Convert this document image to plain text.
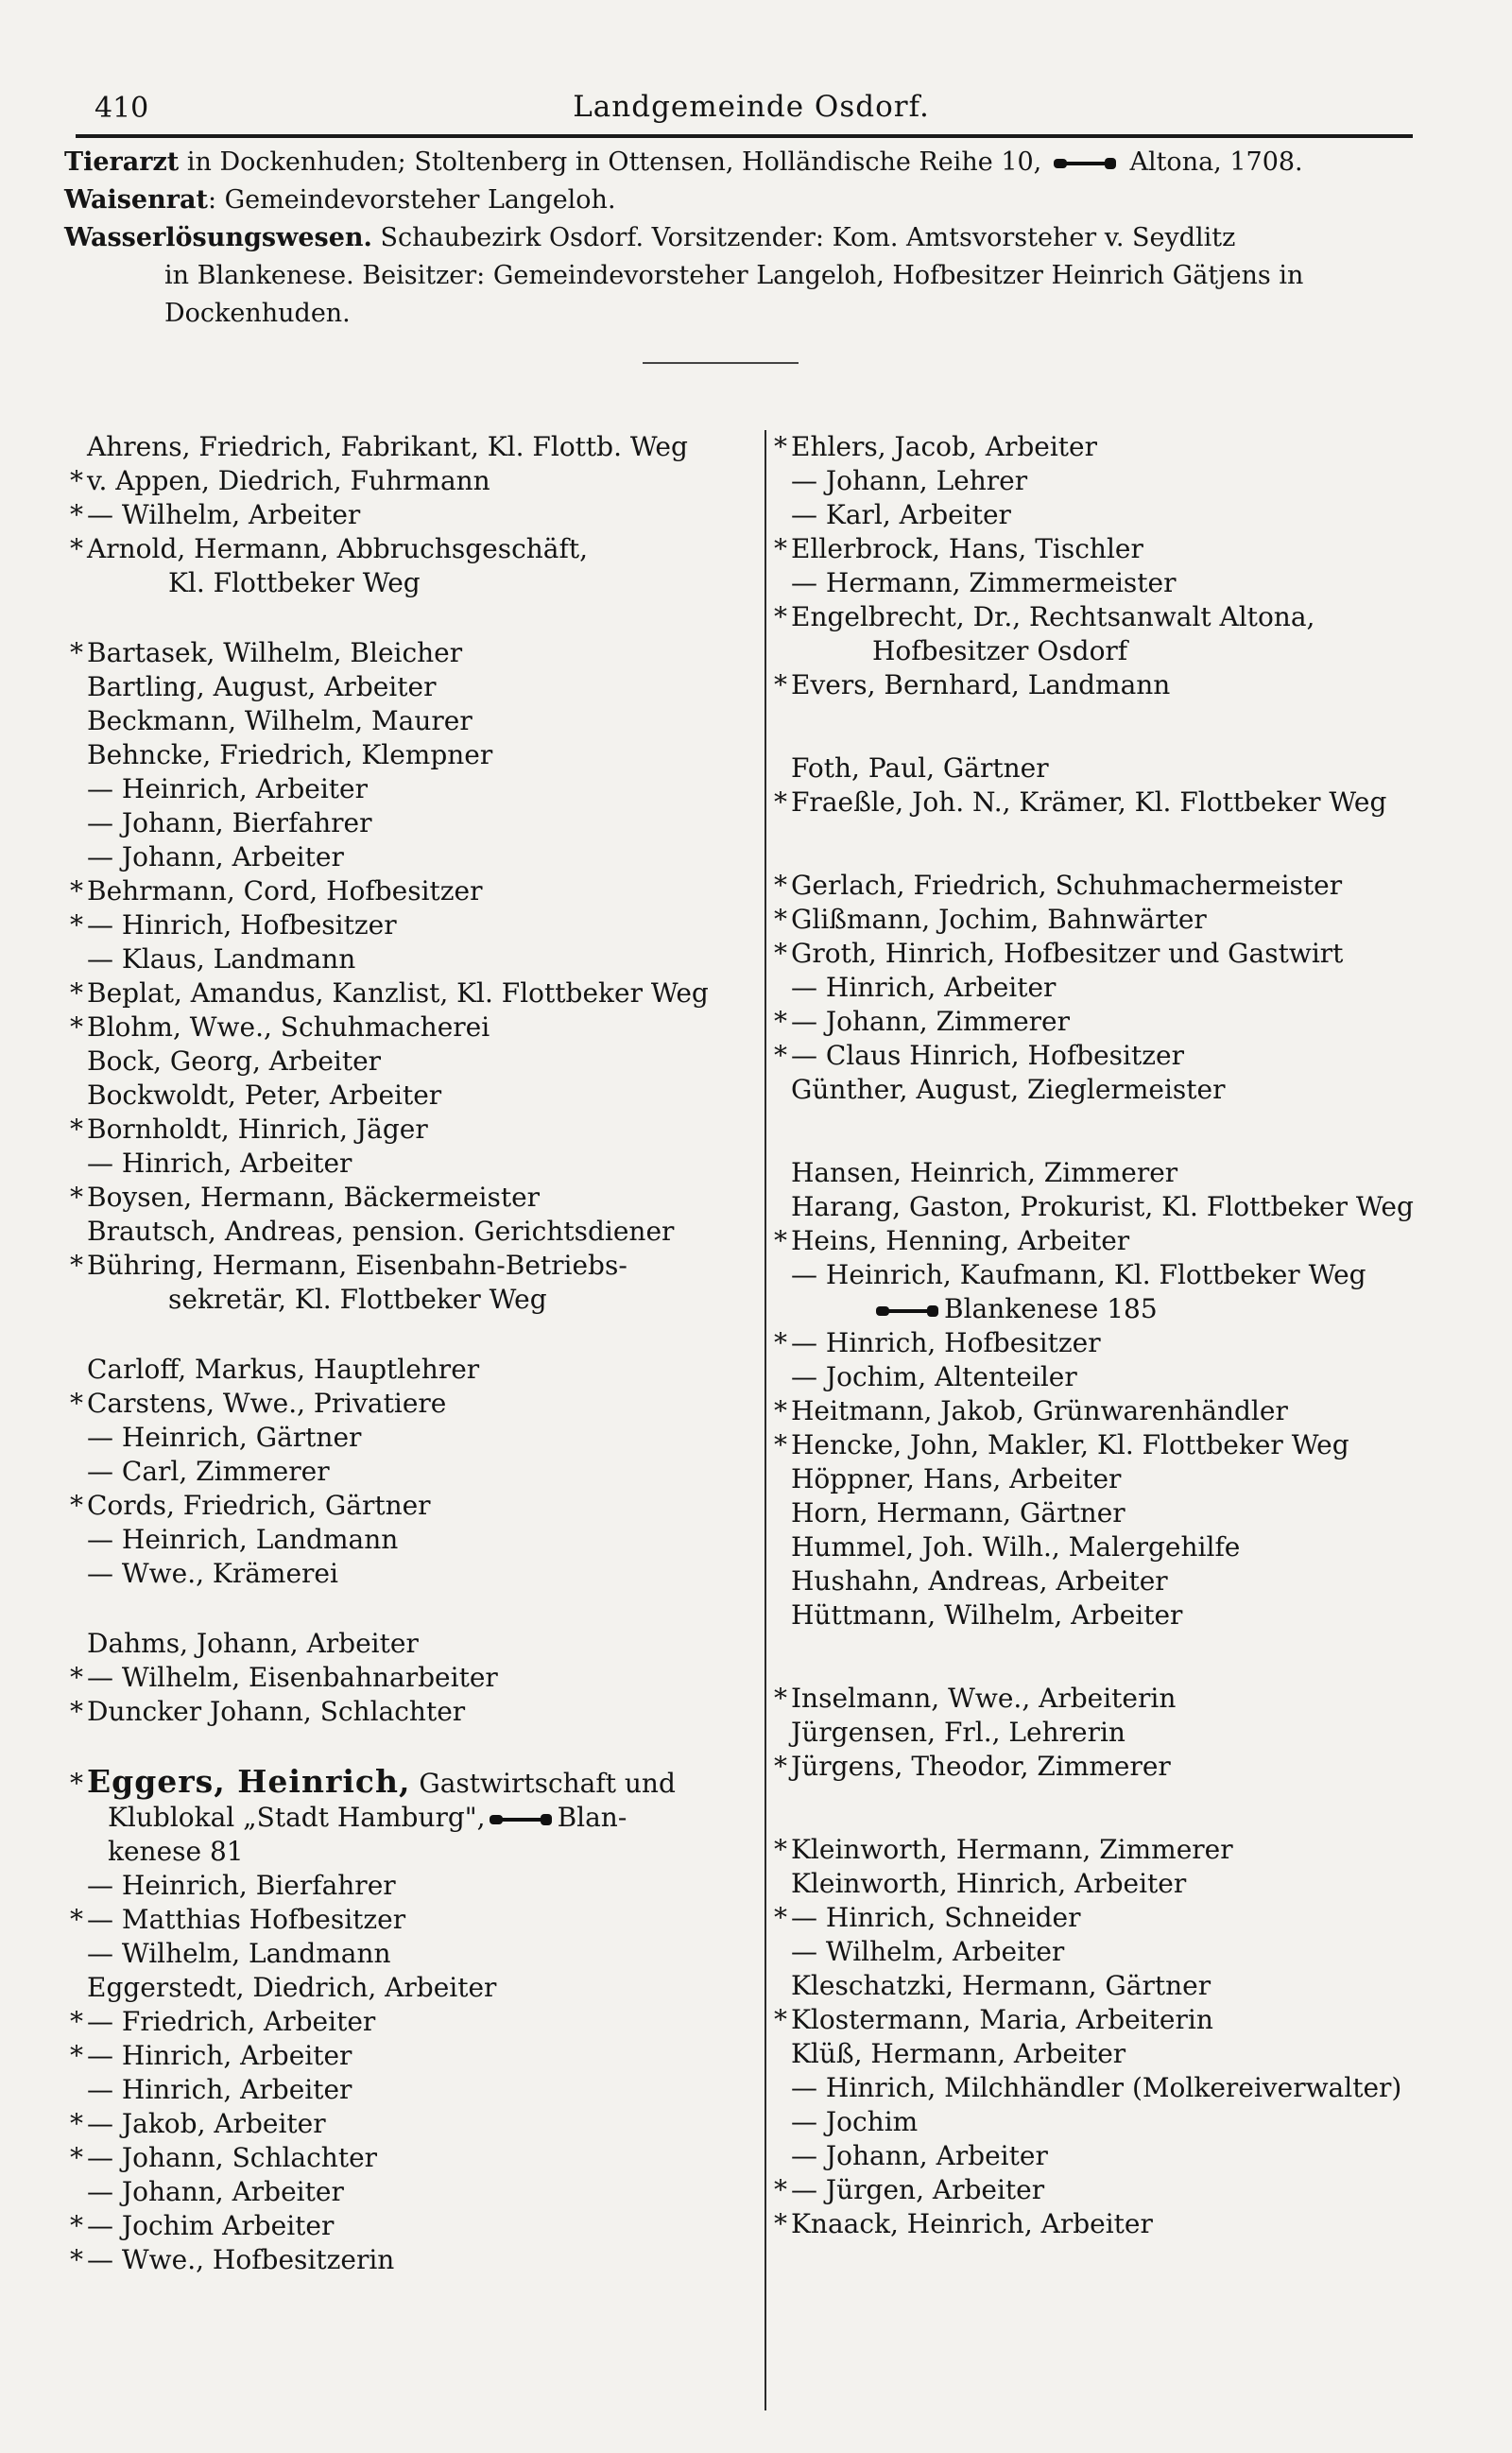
410	Landgemeinde Osdorf.

Tierarzt in Dockenhuden; Stoltenberg in Ottensen, Holländische Reihe 10,	Altona, 1708.

Waisenrat: Gemeindevorsteher Langeloh.

Wasserlösungswesen. Schaubezirk Osdorf. Vorsitzender: Kom. Amtsvorsteher v. Seydlitz

in Blankenese. Beisitzer: Gemeindevorsteher Langeloh, Hofbesitzer Heinrich Gätjens in

Dockenhuden.

Ahrens, Friedrich, Fabrikant, Kl. Flottb. Weg
* v. Appen, Diedrich, Fuhrmann
* — Wilhelm, Arbeiter
* Arnold, Hermann, Abbruchsgeschäft,
Kl. Flottbeker Weg
* Bartasek, Wilhelm, Bleicher
Bartling, August, Arbeiter
Beckmann, Wilhelm, Maurer
Behncke, Friedrich, Klempner
— Heinrich, Arbeiter
— Johann, Bierfahrer
— Johann, Arbeiter
* Behrmann, Cord, Hofbesitzer
* — Hinrich, Hofbesitzer
— Klaus, Landmann
* Beplat, Amandus, Kanzlist, Kl. Flottbeker Weg
* Blohm, Wwe., Schuhmacherei
Bock, Georg, Arbeiter
Bockwoldt, Peter, Arbeiter
* Bornholdt, Hinrich, Jäger
— Hinrich, Arbeiter
* Boysen, Hermann, Bäckermeister
Brautsch, Andreas, pension. Gerichtsdiener
* Bühring, Hermann, Eisenbahn-Betriebs-
sekretär, Kl. Flottbeker Weg
Carloff, Markus, Hauptlehrer
* Carstens, Wwe., Privatiere
— Heinrich, Gärtner
— Carl, Zimmerer
* Cords, Friedrich, Gärtner
— Heinrich, Landmann
— Wwe., Krämerei
Dahms, Johann, Arbeiter
* — Wilhelm, Eisenbahnarbeiter
* Duncker Johann, Schlachter
* Eggers, Heinrich, Gastwirtschaft und
Klublokal „Stadt Hamburg",	Blan-
kenese 81
— Heinrich, Bierfahrer
* — Matthias Hofbesitzer
— Wilhelm, Landmann
Eggerstedt, Diedrich, Arbeiter
* — Friedrich, Arbeiter
* — Hinrich, Arbeiter
— Hinrich, Arbeiter
* — Jakob, Arbeiter
* — Johann, Schlachter
— Johann, Arbeiter
* — Jochim Arbeiter
* — Wwe., Hofbesitzerin
* Ehlers, Jacob, Arbeiter
— Johann, Lehrer
— Karl, Arbeiter
* Ellerbrock, Hans, Tischler
— Hermann, Zimmermeister
* Engelbrecht, Dr., Rechtsanwalt Altona,
Hofbesitzer Osdorf
* Evers, Bernhard, Landmann
Foth, Paul, Gärtner
* Fraeßle, Joh. N., Krämer, Kl. Flottbeker Weg
* Gerlach, Friedrich, Schuhmachermeister
* Glißmann, Jochim, Bahnwärter
* Groth, Hinrich, Hofbesitzer und Gastwirt
— Hinrich, Arbeiter
* — Johann, Zimmerer
* — Claus Hinrich, Hofbesitzer
Günther, August, Zieglermeister
Hansen, Heinrich, Zimmerer
Harang, Gaston, Prokurist, Kl. Flottbeker Weg
* Heins, Henning, Arbeiter
— Heinrich, Kaufmann, Kl. Flottbeker Weg
Blankenese 185
* — Hinrich, Hofbesitzer
— Jochim, Altenteiler
* Heitmann, Jakob, Grünwarenhändler
* Hencke, John, Makler, Kl. Flottbeker Weg
Höppner, Hans, Arbeiter
Horn, Hermann, Gärtner
Hummel, Joh. Wilh., Malergehilfe
Hushahn, Andreas, Arbeiter
Hüttmann, Wilhelm, Arbeiter
* Inselmann, Wwe., Arbeiterin
Jürgensen, Frl., Lehrerin
* Jürgens, Theodor, Zimmerer
* Kleinworth, Hermann, Zimmerer
Kleinworth, Hinrich, Arbeiter
* — Hinrich, Schneider
— Wilhelm, Arbeiter
Kleschatzki, Hermann, Gärtner
* Klostermann, Maria, Arbeiterin
Klüß, Hermann, Arbeiter
— Hinrich, Milchhändler (Molkereiverwalter)
— Jochim
— Johann, Arbeiter
* — Jürgen, Arbeiter
* Knaack, Heinrich, Arbeiter
